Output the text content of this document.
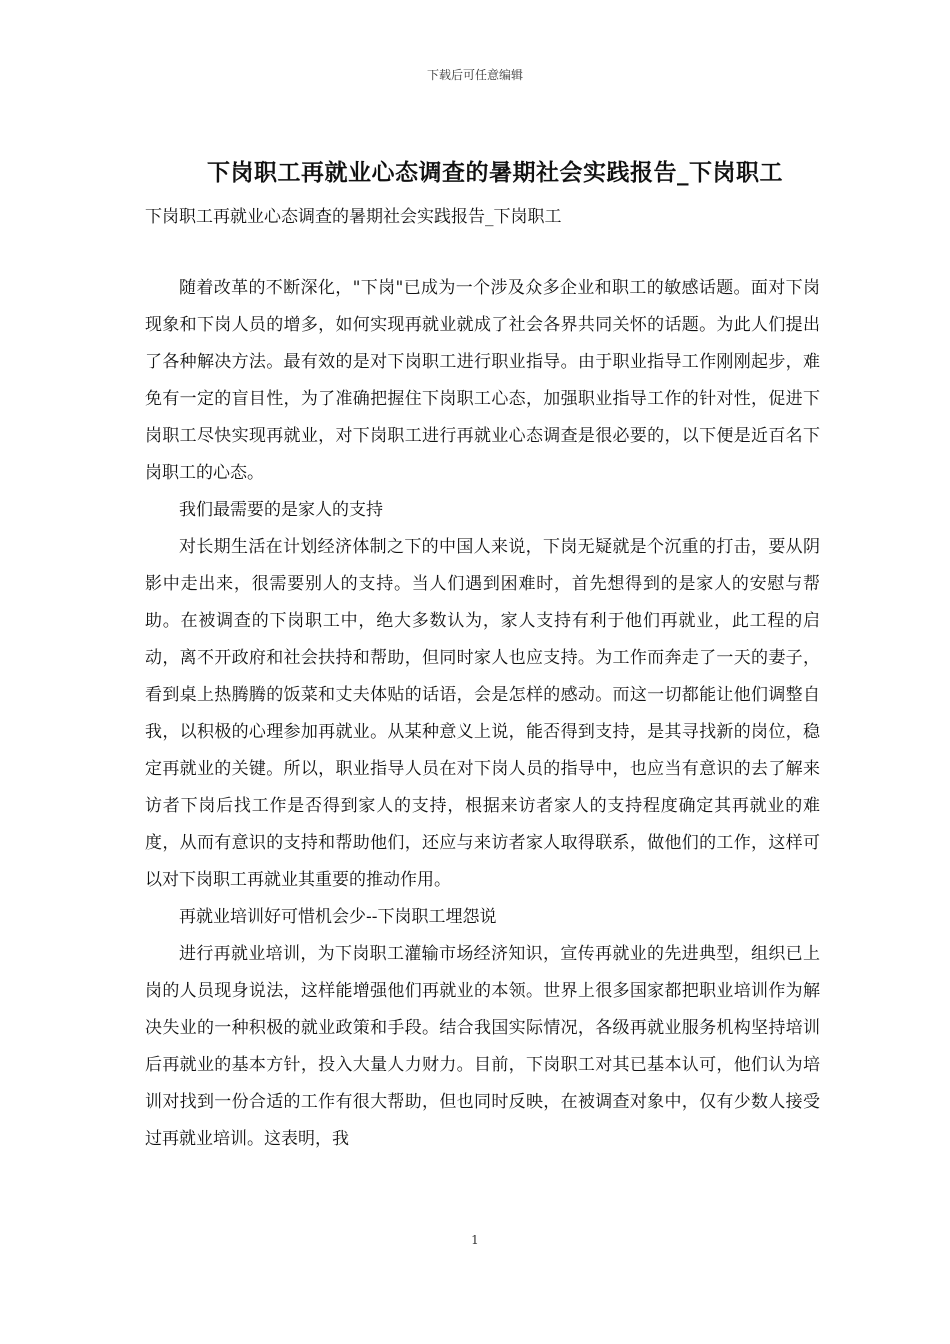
下载后可任意编辑
下岗职工再就业心态调查的暑期社会实践报告_下岗职工

下岗职工再就业心态调查的暑期社会实践报告_下岗职工

随着改革的不断深化，"下岗"已成为一个涉及众多企业和职工的敏感话题。面对下岗现象和下岗人员的增多，如何实现再就业就成了社会各界共同关怀的话题。为此人们提出了各种解决方法。最有效的是对下岗职工进行职业指导。由于职业指导工作刚刚起步，难免有一定的盲目性，为了准确把握住下岗职工心态，加强职业指导工作的针对性，促进下岗职工尽快实现再就业，对下岗职工进行再就业心态调查是很必要的，以下便是近百名下岗职工的心态。

我们最需要的是家人的支持

对长期生活在计划经济体制之下的中国人来说，下岗无疑就是个沉重的打击，要从阴影中走出来，很需要别人的支持。当人们遇到困难时，首先想得到的是家人的安慰与帮助。在被调查的下岗职工中，绝大多数认为，家人支持有利于他们再就业，此工程的启动，离不开政府和社会扶持和帮助，但同时家人也应支持。为工作而奔走了一天的妻子，看到桌上热腾腾的饭菜和丈夫体贴的话语，会是怎样的感动。而这一切都能让他们调整自我，以积极的心理参加再就业。从某种意义上说，能否得到支持，是其寻找新的岗位，稳定再就业的关键。所以，职业指导人员在对下岗人员的指导中，也应当有意识的去了解来访者下岗后找工作是否得到家人的支持，根据来访者家人的支持程度确定其再就业的难度，从而有意识的支持和帮助他们，还应与来访者家人取得联系，做他们的工作，这样可以对下岗职工再就业其重要的推动作用。

再就业培训好可惜机会少--下岗职工埋怨说

进行再就业培训，为下岗职工灌输市场经济知识，宣传再就业的先进典型，组织已上岗的人员现身说法，这样能增强他们再就业的本领。世界上很多国家都把职业培训作为解决失业的一种积极的就业政策和手段。结合我国实际情况，各级再就业服务机构坚持培训后再就业的基本方针，投入大量人力财力。目前，下岗职工对其已基本认可，他们认为培训对找到一份合适的工作有很大帮助，但也同时反映，在被调查对象中，仅有少数人接受过再就业培训。这表明，我

1
